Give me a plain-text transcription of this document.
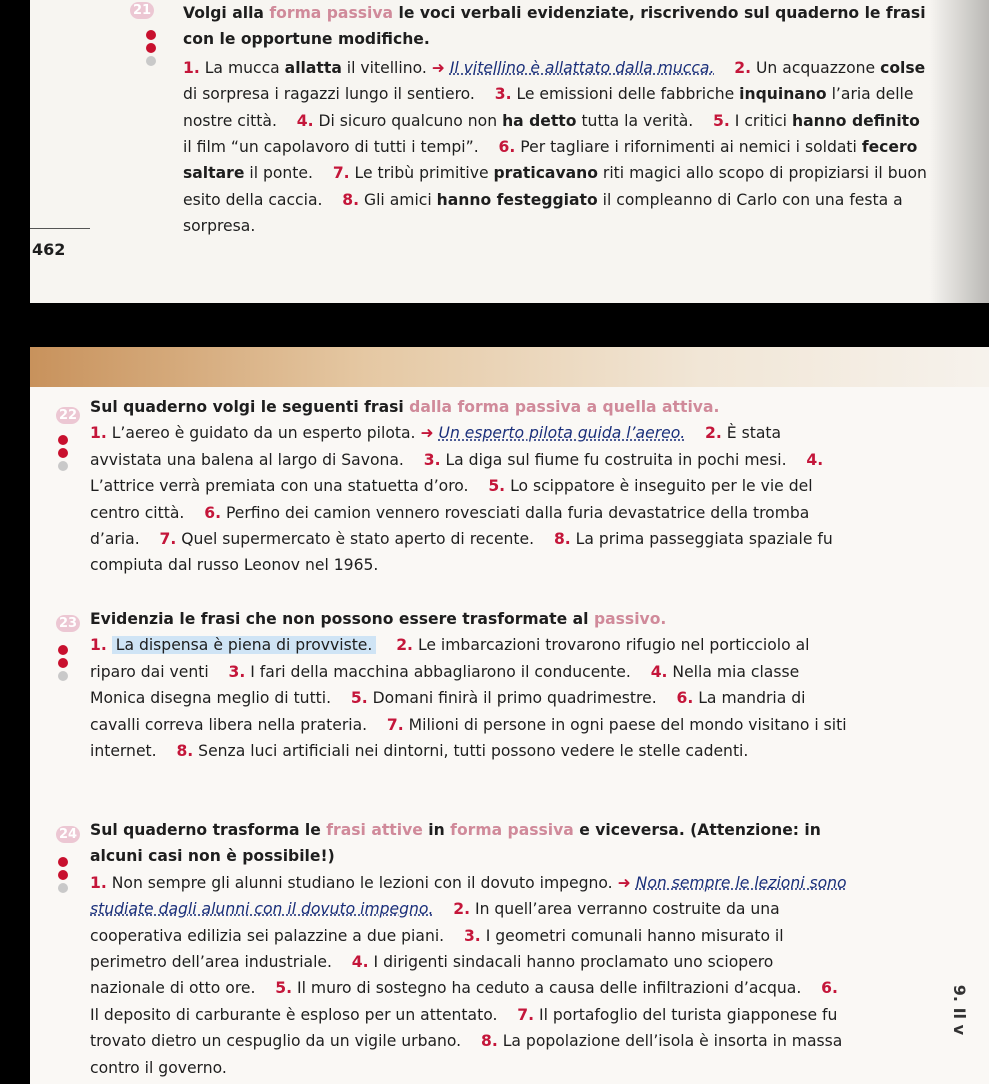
21 Volgi alla forma passiva le voci verbali evidenziate, riscrivendo sul quaderno le frasi con le opportune modifiche.
1. La mucca allatta il vitellino. ➜ Il vitellino è allattato dalla mucca. 2. Un acquazzone colse di sorpresa i ragazzi lungo il sentiero. 3. Le emissioni delle fabbriche inquinano l’aria delle nostre città. 4. Di sicuro qualcuno non ha detto tutta la verità. 5. I critici hanno definito il film “un capolavoro di tutti i tempi”. 6. Per tagliare i rifornimenti ai nemici i soldati fecero saltare il ponte. 7. Le tribù primitive praticavano riti magici allo scopo di propiziarsi il buon esito della caccia. 8. Gli amici hanno festeggiato il compleanno di Carlo con una festa a sorpresa.
462
22 Sul quaderno volgi le seguenti frasi dalla forma passiva a quella attiva.
1. L’aereo è guidato da un esperto pilota. ➜ Un esperto pilota guida l’aereo. 2. È stata avvistata una balena al largo di Savona. 3. La diga sul fiume fu costruita in pochi mesi. 4. L’attrice verrà premiata con una statuetta d’oro. 5. Lo scippatore è inseguito per le vie del centro città. 6. Perfino dei camion vennero rovesciati dalla furia devastatrice della tromba d’aria. 7. Quel supermercato è stato aperto di recente. 8. La prima passeggiata spaziale fu compiuta dal russo Leonov nel 1965.
23 Evidenzia le frasi che non possono essere trasformate al passivo.
1. La dispensa è piena di provviste. 2. Le imbarcazioni trovarono rifugio nel porticciolo al riparo dai venti 3. I fari della macchina abbagliarono il conducente. 4. Nella mia classe Monica disegna meglio di tutti. 5. Domani finirà il primo quadrimestre. 6. La mandria di cavalli correva libera nella prateria. 7. Milioni di persone in ogni paese del mondo visitano i siti internet. 8. Senza luci artificiali nei dintorni, tutti possono vedere le stelle cadenti.
24 Sul quaderno trasforma le frasi attive in forma passiva e viceversa. (Attenzione: in alcuni casi non è possibile!)
1. Non sempre gli alunni studiano le lezioni con il dovuto impegno. ➜ Non sempre le lezioni sono studiate dagli alunni con il dovuto impegno. 2. In quell’area verranno costruite da una cooperativa edilizia sei palazzine a due piani. 3. I geometri comunali hanno misurato il perimetro dell’area industriale. 4. I dirigenti sindacali hanno proclamato uno sciopero nazionale di otto ore. 5. Il muro di sostegno ha ceduto a causa delle infiltrazioni d’acqua. 6. Il deposito di carburante è esploso per un attentato. 7. Il portafoglio del turista giapponese fu trovato dietro un cespuglio da un vigile urbano. 8. La popolazione dell’isola è insorta in massa contro il governo.
9. Il v
